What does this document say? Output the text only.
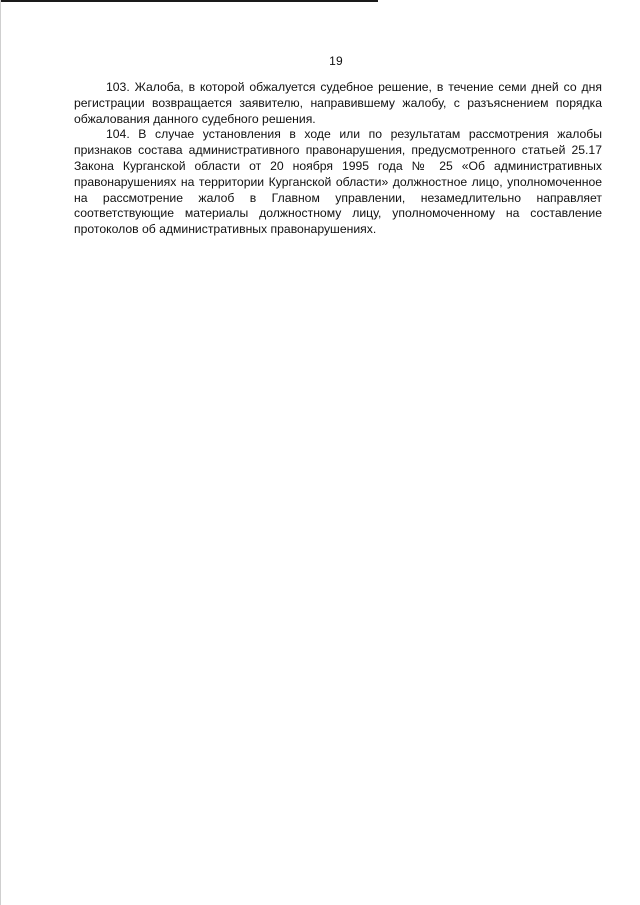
19

103. Жалоба, в которой обжалуется судебное решение, в течение семи дней со дня регистрации возвращается заявителю, направившему жалобу, с разъяснением порядка обжалования данного судебного решения.

104. В случае установления в ходе или по результатам рассмотрения жалобы признаков состава административного правонарушения, предусмотренного статьей 25.17 Закона Курганской области от 20 ноября 1995 года № 25 «Об административных правонарушениях на территории Курганской области» должностное лицо, уполномоченное на рассмотрение жалоб в Главном управлении, незамедлительно направляет соответствующие материалы должностному лицу, уполномоченному на составление протоколов об административных правонарушениях.
